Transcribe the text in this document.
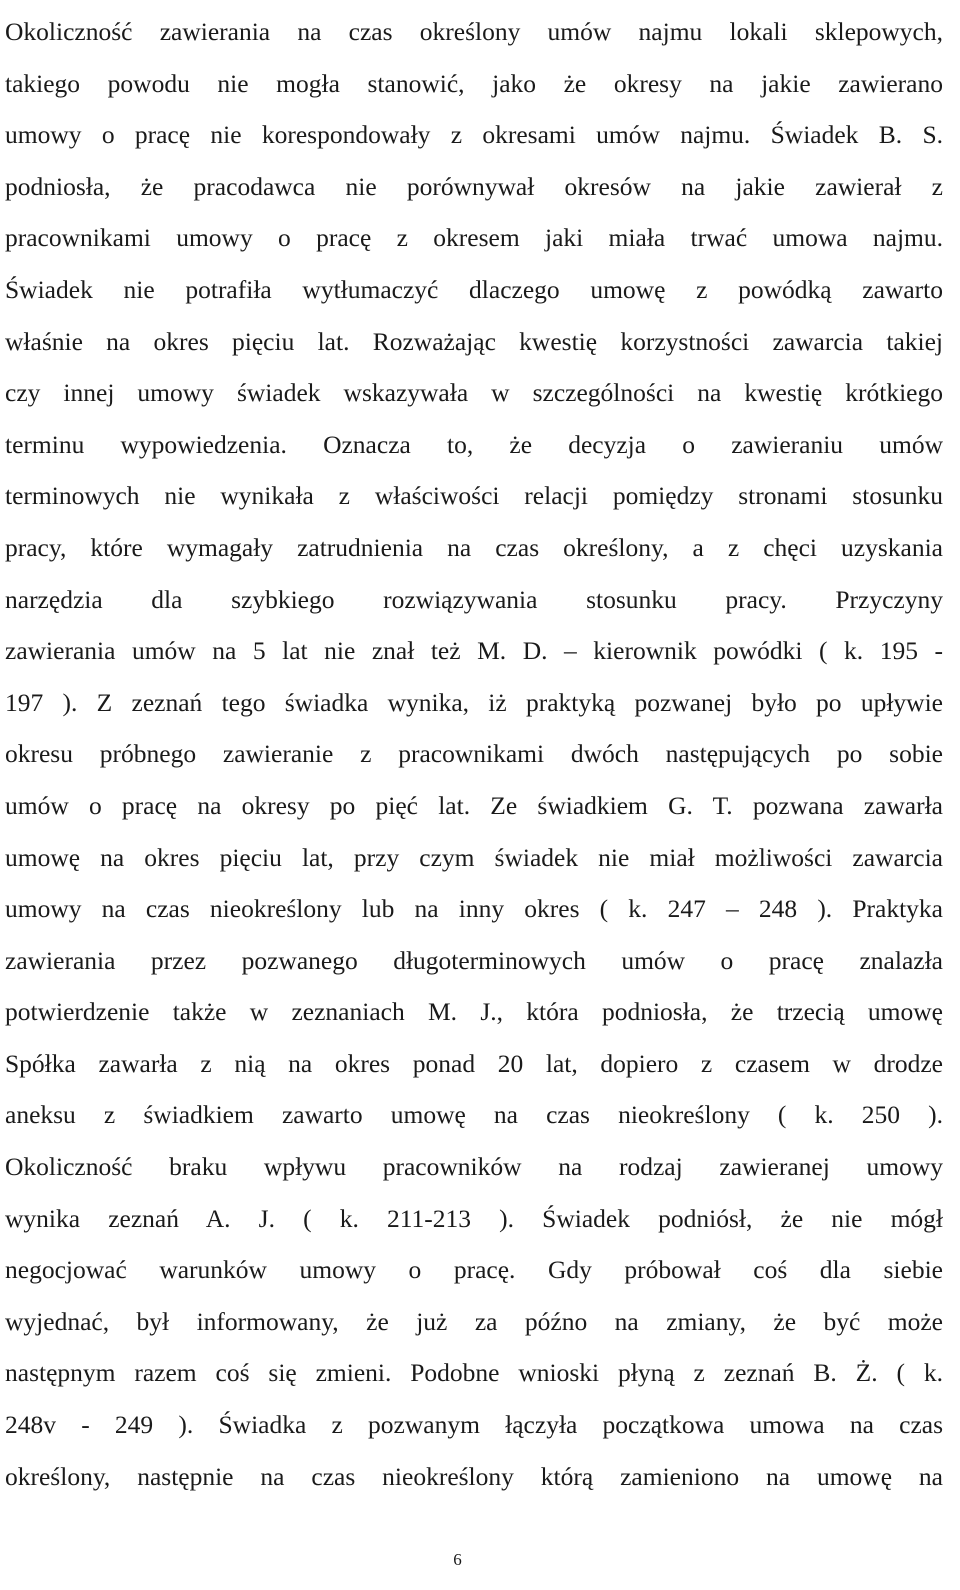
Okoliczność zawierania na czas określony umów najmu lokali sklepowych,
takiego powodu nie mogła stanowić, jako że okresy na jakie zawierano
umowy o pracę nie korespondowały z okresami umów najmu. Świadek B. S.
podniosła, że pracodawca nie porównywał okresów na jakie zawierał z
pracownikami umowy o pracę z okresem jaki miała trwać umowa najmu.
Świadek nie potrafiła wytłumaczyć dlaczego umowę z powódką zawarto
właśnie na okres pięciu lat. Rozważając kwestię korzystności zawarcia takiej
czy innej umowy świadek wskazywała w szczególności na kwestię krótkiego
terminu wypowiedzenia. Oznacza to, że decyzja o zawieraniu umów
terminowych nie wynikała z właściwości relacji pomiędzy stronami stosunku
pracy, które wymagały zatrudnienia na czas określony, a z chęci uzyskania
narzędzia dla szybkiego rozwiązywania stosunku pracy. Przyczyny
zawierania umów na 5 lat nie znał też M. D. – kierownik powódki ( k. 195 -
197 ). Z zeznań tego świadka wynika, iż praktyką pozwanej było po upływie
okresu próbnego zawieranie z pracownikami dwóch następujących po sobie
umów o pracę na okresy po pięć lat. Ze świadkiem G. T. pozwana zawarła
umowę na okres pięciu lat, przy czym świadek nie miał możliwości zawarcia
umowy na czas nieokreślony lub na inny okres ( k. 247 – 248 ). Praktyka
zawierania przez pozwanego długoterminowych umów o pracę znalazła
potwierdzenie także w zeznaniach M. J., która podniosła, że trzecią umowę
Spółka zawarła z nią na okres ponad 20 lat, dopiero z czasem w drodze
aneksu z świadkiem zawarto umowę na czas nieokreślony ( k. 250 ).
Okoliczność braku wpływu pracowników na rodzaj zawieranej umowy
wynika zeznań A. J. ( k. 211-213 ). Świadek podniósł, że nie mógł
negocjować warunków umowy o pracę. Gdy próbował coś dla siebie
wyjednać, był informowany, że już za późno na zmiany, że być może
następnym razem coś się zmieni. Podobne wnioski płyną z zeznań B. Ż. ( k.
248v - 249 ). Świadka z pozwanym łączyła początkowa umowa na czas
określony, następnie na czas nieokreślony którą zamieniono na umowę na
6
